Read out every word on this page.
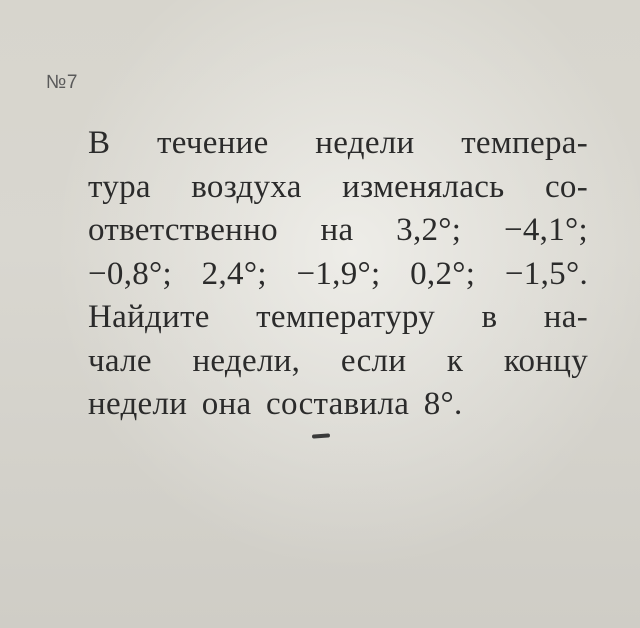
№7
В течение недели темпера-
тура воздуха изменялась со-
ответственно на 3,2°; −4,1°;
−0,8°; 2,4°; −1,9°; 0,2°; −1,5°.
Найдите температуру в на-
чале недели, если к концу
недели она составила 8°.
